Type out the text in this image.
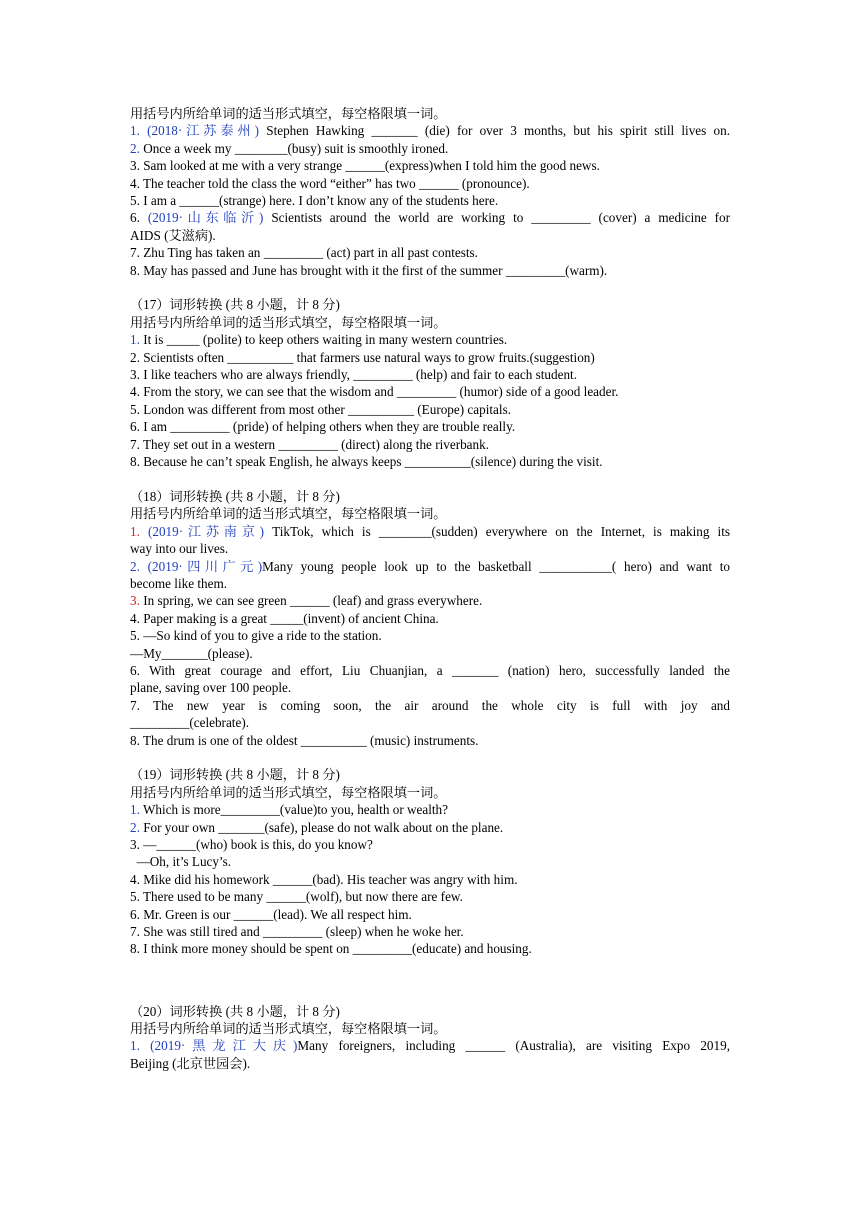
用括号内所给单词的适当形式填空，每空格限填一词。
1. (2018·江苏泰州) Stephen Hawking _______ (die) for over 3 months, but his spirit still lives on.
2. Once a week my ________(busy) suit is smoothly ironed.
3. Sam looked at me with a very strange ______(express)when I told him the good news.
4. The teacher told the class the word “either” has two ______ (pronounce).
5. I am a ______(strange) here. I don’t know any of the students here.
6. (2019·山东临沂) Scientists around the world are working to _________ (cover) a medicine for
AIDS (艾滋病).
7. Zhu Ting has taken an _________ (act) part in all past contests.
8. May has passed and June has brought with it the first of the summer _________(warm).
（17）词形转换 (共 8 小题，计 8 分)
用括号内所给单词的适当形式填空，每空格限填一词。
1. It is _____ (polite) to keep others waiting in many western countries.
2. Scientists often __________ that farmers use natural ways to grow fruits.(suggestion)
3. I like teachers who are always friendly, _________ (help) and fair to each student.
4. From the story, we can see that the wisdom and _________ (humor) side of a good leader.
5. London was different from most other __________ (Europe) capitals.
6. I am _________ (pride) of helping others when they are trouble really.
7. They set out in a western _________ (direct) along the riverbank.
8. Because he can’t speak English, he always keeps __________(silence) during the visit.
（18）词形转换 (共 8 小题，计 8 分)
用括号内所给单词的适当形式填空，每空格限填一词。
1. (2019·江苏南京) TikTok, which is ________(sudden) everywhere on the Internet, is making its
way into our lives.
2. (2019·四川广元)Many young people look up to the basketball ___________( hero) and want to
become like them.
3. In spring, we can see green ______ (leaf) and grass everywhere.
4. Paper making is a great _____(invent) of ancient China.
5. —So kind of you to give a ride to the station.
—My_______(please).
6. With great courage and effort, Liu Chuanjian, a _______ (nation) hero, successfully landed the
plane, saving over 100 people.
7. The new year is coming soon, the air around the whole city is full with joy and
_________(celebrate).
8. The drum is one of the oldest __________ (music) instruments.
（19）词形转换 (共 8 小题，计 8 分)
用括号内所给单词的适当形式填空，每空格限填一词。
1. Which is more_________(value)to you, health or wealth?
2. For your own _______(safe), please do not walk about on the plane.
3. —______(who) book is this, do you know?
—Oh, it’s Lucy’s.
4. Mike did his homework ______(bad). His teacher was angry with him.
5. There used to be many ______(wolf), but now there are few.
6. Mr. Green is our ______(lead). We all respect him.
7. She was still tired and _________ (sleep) when he woke her.
8. I think more money should be spent on _________(educate) and housing.
（20）词形转换 (共 8 小题，计 8 分)
用括号内所给单词的适当形式填空，每空格限填一词。
1. (2019·黑龙江大庆)Many foreigners, including ______ (Australia), are visiting Expo 2019,
Beijing (北京世园会).
